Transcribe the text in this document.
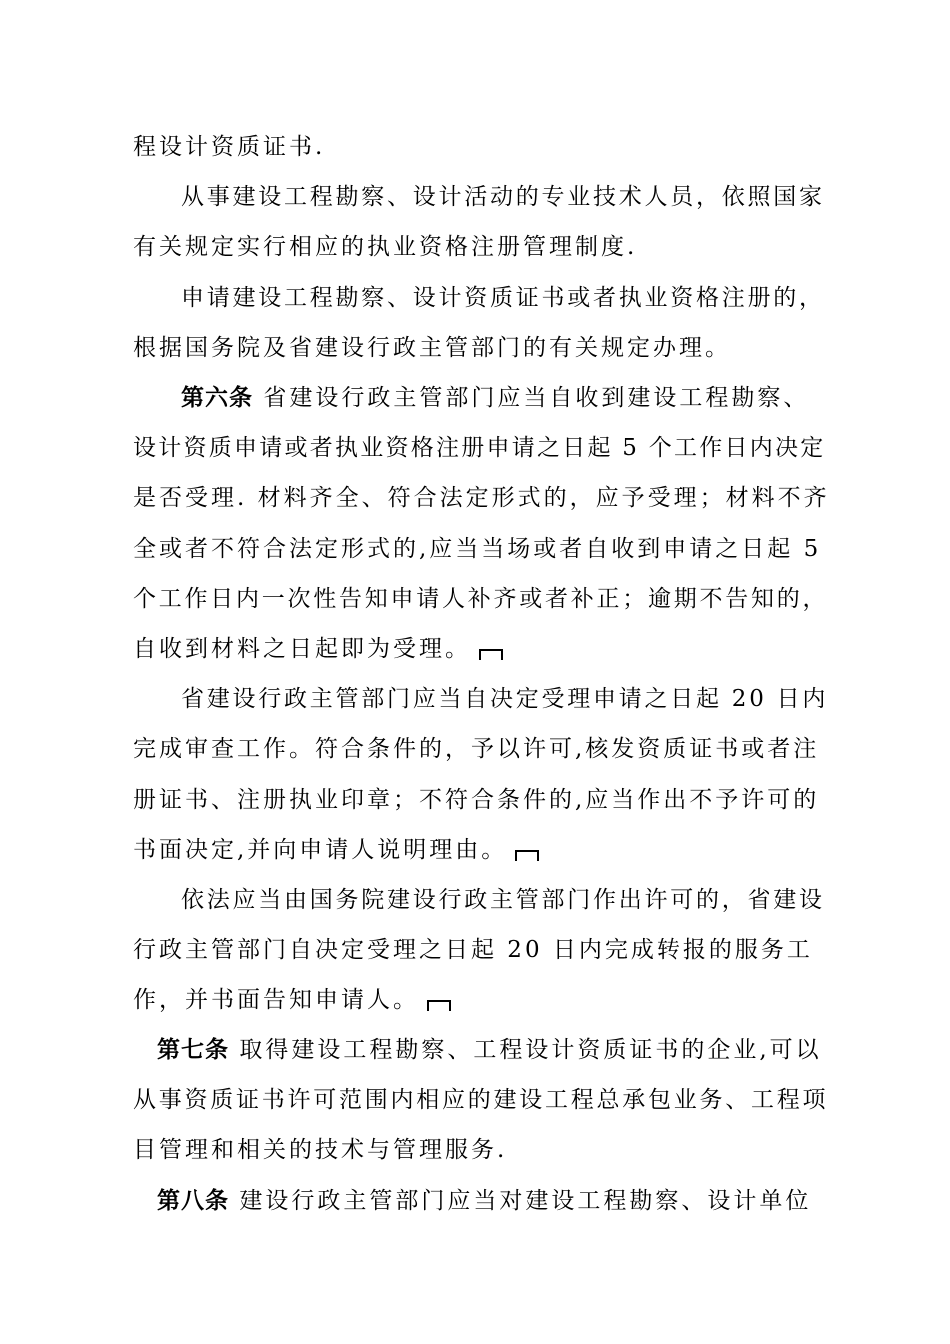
程设计资质证书.
从事建设工程勘察、设计活动的专业技术人员，依照国家
有关规定实行相应的执业资格注册管理制度.
申请建设工程勘察、设计资质证书或者执业资格注册的，
根据国务院及省建设行政主管部门的有关规定办理。
第六条 省建设行政主管部门应当自收到建设工程勘察、
设计资质申请或者执业资格注册申请之日起 5 个工作日内决定
是否受理. 材料齐全、符合法定形式的，应予受理；材料不齐
全或者不符合法定形式的,应当当场或者自收到申请之日起 5
个工作日内一次性告知申请人补齐或者补正；逾期不告知的，
自收到材料之日起即为受理。
省建设行政主管部门应当自决定受理申请之日起 20 日内
完成审查工作。符合条件的，予以许可,核发资质证书或者注
册证书、注册执业印章；不符合条件的,应当作出不予许可的
书面决定,并向申请人说明理由。
依法应当由国务院建设行政主管部门作出许可的，省建设
行政主管部门自决定受理之日起 20 日内完成转报的服务工
作，并书面告知申请人。
第七条 取得建设工程勘察、工程设计资质证书的企业,可以
从事资质证书许可范围内相应的建设工程总承包业务、工程项
目管理和相关的技术与管理服务.
第八条 建设行政主管部门应当对建设工程勘察、设计单位
